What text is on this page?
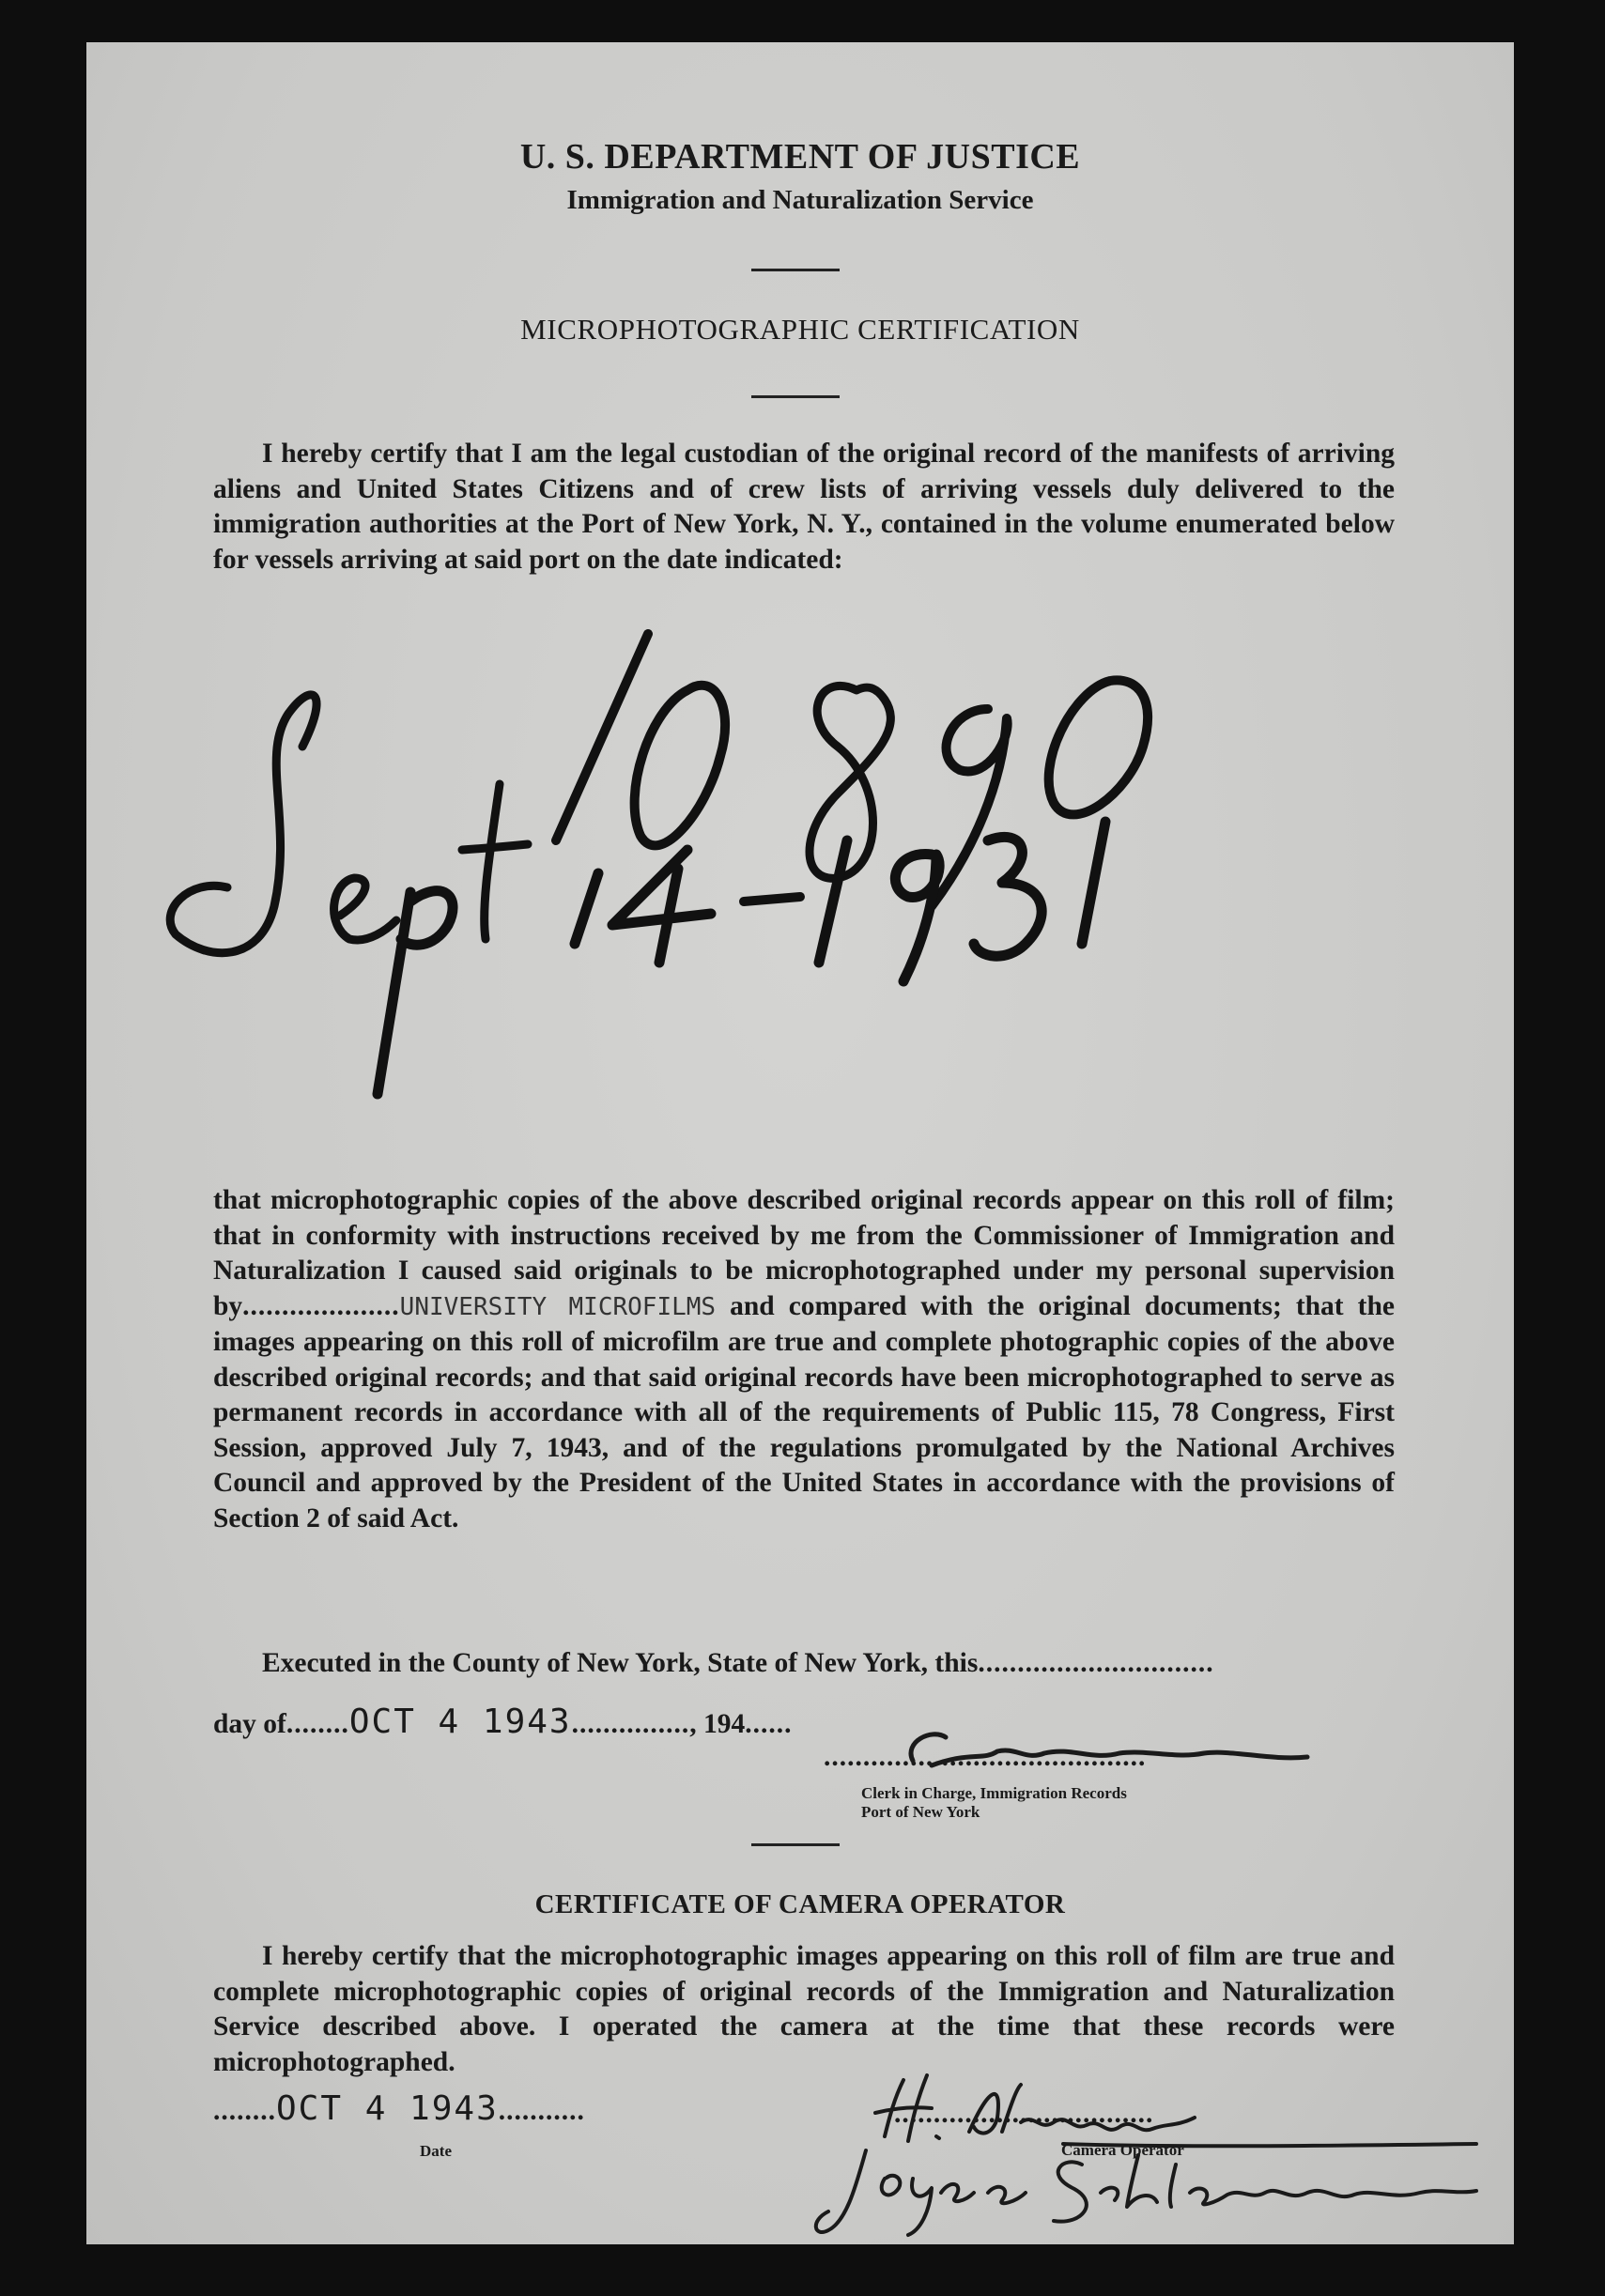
U. S. DEPARTMENT OF JUSTICE
Immigration and Naturalization Service
MICROPHOTOGRAPHIC CERTIFICATION
I hereby certify that I am the legal custodian of the original record of the manifests of arriving aliens and United States Citizens and of crew lists of arriving vessels duly delivered to the immigration authorities at the Port of New York, N. Y., contained in the volume enumerated below for vessels arriving at said port on the date indicated:
that microphotographic copies of the above described original records appear on this roll of film; that in conformity with instructions received by me from the Commissioner of Immigration and Naturalization I caused said originals to be microphotographed under my personal supervision by....................UNIVERSITY MICROFILMS and compared with the original documents; that the images appearing on this roll of microfilm are true and complete photographic copies of the above described original records; and that said original records have been microphotographed to serve as permanent records in accordance with all of the requirements of Public 115, 78 Congress, First Session, approved July 7, 1943, and of the regulations promulgated by the National Archives Council and approved by the President of the United States in accordance with the provisions of Section 2 of said Act.
Executed in the County of New York, State of New York, this..............................
day of........OCT 4 1943..............., 194......
.........................................
Clerk in Charge, Immigration Records
Port of New York
CERTIFICATE OF CAMERA OPERATOR
I hereby certify that the microphotographic images appearing on this roll of film are true and complete microphotographic copies of original records of the Immigration and Naturalization Service described above. I operated the camera at the time that these records were microphotographed.
........OCT 4 1943...........
Date
.................................
Camera Operator
